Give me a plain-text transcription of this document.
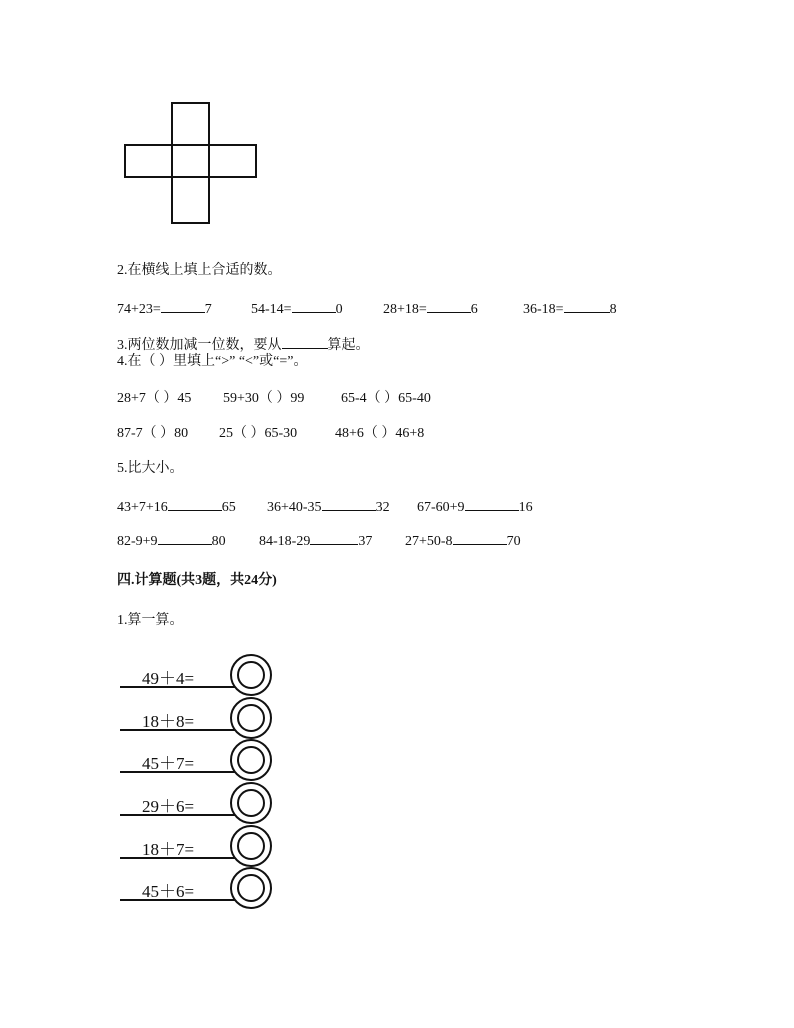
2.在横线上填上合适的数。
74+23=	7	54-14=	0	28+18=	6	36-18=	8
3.两位数加减一位数，要从	算起。
4.在（ ）里填上“>” “<”或“=”。
28+7（ ）45 59+30（ ）99	65-4（ ）65-40
87-7（ ）80 25（ ）65-30	48+6（ ）46+8
5.比大小。
43+7+16	65 36+40-35	32 67-60+9	16
82-9+9	80 84-18-29	37 27+50-8	70
四.计算题(共3题，共24分)
1.算一算。
49＋4=
18＋8=
45＋7=
29＋6=
18＋7=
45＋6=
